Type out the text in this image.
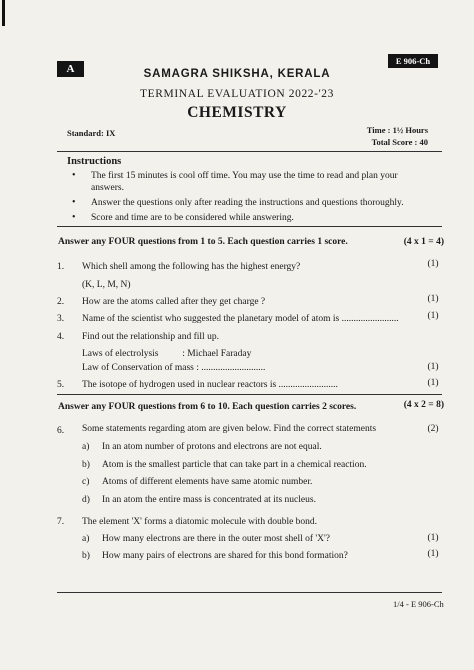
A
E 906-Ch
SAMAGRA SHIKSHA, KERALA
TERMINAL EVALUATION 2022-'23
CHEMISTRY
Standard: IX	Time : 1½ Hours
Total Score : 40
Instructions
•	The first 15 minutes is cool off time. You may use the time to read and plan your answers.
•	Answer the questions only after reading the instructions and questions thoroughly.
•	Score and time are to be considered while answering.
Answer any FOUR questions from 1 to 5. Each question carries 1 score.	(4 x 1 = 4)
1. Which shell among the following has the highest energy?	(1)
(K, L, M, N)
2. How are the atoms called after they get charge ?	(1)
3. Name of the scientist who suggested the planetary model of atom is ........................	(1)
4. Find out the relationship and fill up.
Laws of electrolysis          : Michael Faraday
Law of Conservation of mass : ...........................	(1)
5. The isotope of hydrogen used in nuclear reactors is .........................	(1)
Answer any FOUR questions from 6 to 10. Each question carries 2 scores.	(4 x 2 = 8)
6. Some statements regarding atom are given below. Find the correct statements	(2)
a) In an atom number of protons and electrons are not equal.
b) Atom is the smallest particle that can take part in a chemical reaction.
c) Atoms of different elements have same atomic number.
d) In an atom the entire mass is concentrated at its nucleus.
7. The element 'X' forms a diatomic molecule with double bond.
a) How many electrons are there in the outer most shell of 'X'?	(1)
b) How many pairs of electrons are shared for this bond formation?	(1)
1/4 - E 906-Ch
